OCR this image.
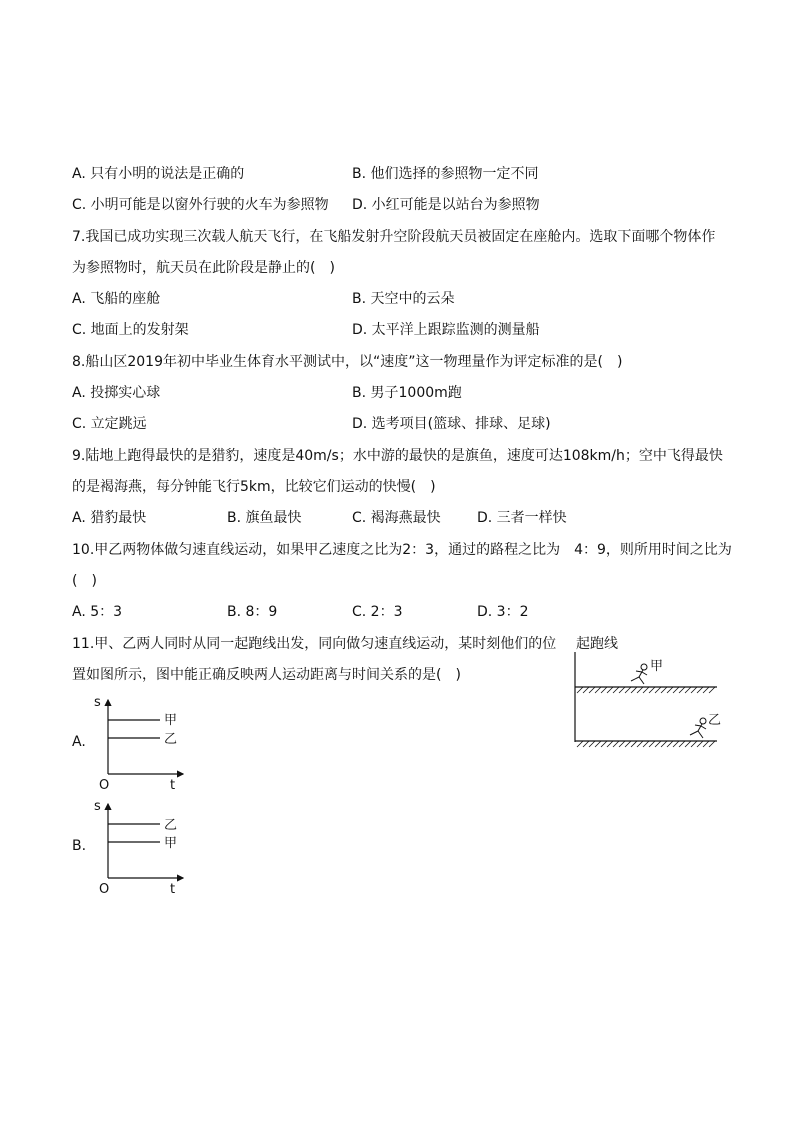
A. 只有小明的说法是正确的	B. 他们选择的参照物一定不同
C. 小明可能是以窗外行驶的火车为参照物 D. 小红可能是以站台为参照物
7.我国已成功实现三次载人航天飞行，在飞船发射升空阶段航天员被固定在座舱内。选取下面哪个物体作
为参照物时，航天员在此阶段是静止的(　)
A. 飞船的座舱	B. 天空中的云朵
C. 地面上的发射架	D. 太平洋上跟踪监测的测量船
8.船山区2019年初中毕业生体育水平测试中，以“速度”这一物理量作为评定标准的是(　)
A. 投掷实心球	B. 男子1000m跑
C. 立定跳远	D. 选考项目(篮球、排球、足球)
9.陆地上跑得最快的是猎豹，速度是40m/s；水中游的最快的是旗鱼，速度可达108km/h；空中飞得最快
的是褐海燕，每分钟能飞行5km，比较它们运动的快慢(　)
A. 猎豹最快	B. 旗鱼最快	C. 褐海燕最快	D. 三者一样快
10.甲乙两物体做匀速直线运动，如果甲乙速度之比为2：3，通过的路程之比为　4：9，则所用时间之比为
(　)
A. 5：3	B. 8：9	C. 2：3	D. 3：2
11.甲、乙两人同时从同一起跑线出发，同向做匀速直线运动，某时刻他们的位
置如图所示，图中能正确反映两人运动距离与时间关系的是(　)
起跑线
甲
乙
A.
s
O	t
甲
乙
B.
s
O	t
乙
甲
